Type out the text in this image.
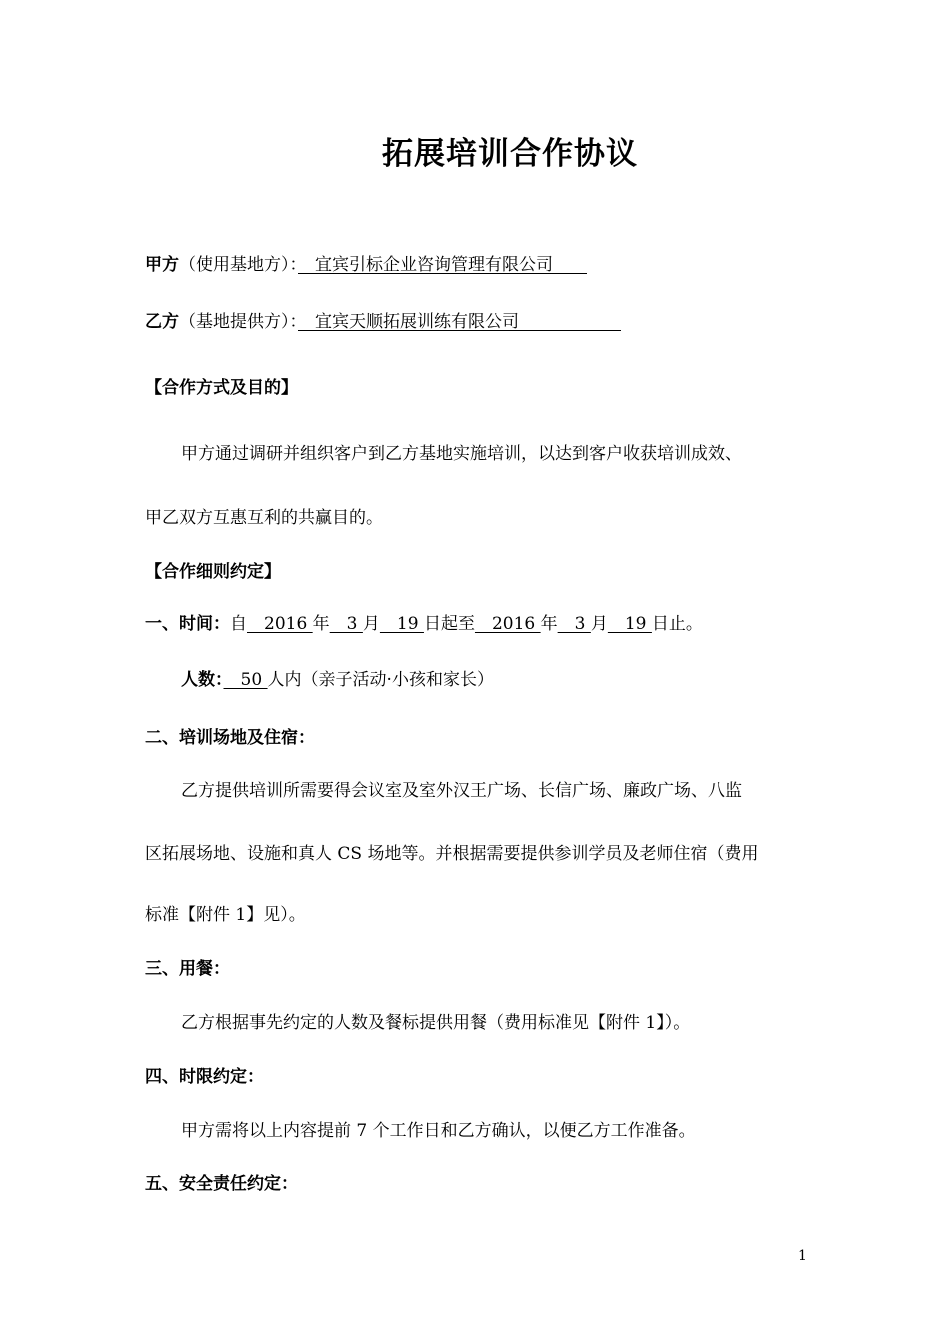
拓展培训合作协议
甲方（使用基地方）：　宜宾引标企业咨询管理有限公司　　
乙方（基地提供方）：　宜宾天顺拓展训练有限公司　　　　　　
【合作方式及目的】
甲方通过调研并组织客户到乙方基地实施培训，以达到客户收获培训成效、
甲乙双方互惠互利的共赢目的。
【合作细则约定】
一、时间：自　2016 年　3 月　19 日起至　2016 年　3 月　19 日止。
人数：　50 人内（亲子活动·小孩和家长）
二、培训场地及住宿：
乙方提供培训所需要得会议室及室外汉王广场、长信广场、廉政广场、八监
区拓展场地、设施和真人 CS 场地等。并根据需要提供参训学员及老师住宿（费用
标准【附件 1】见）。
三、用餐：
乙方根据事先约定的人数及餐标提供用餐（费用标准见【附件 1】）。
四、时限约定：
甲方需将以上内容提前 7 个工作日和乙方确认，以便乙方工作准备。
五、安全责任约定：
1
